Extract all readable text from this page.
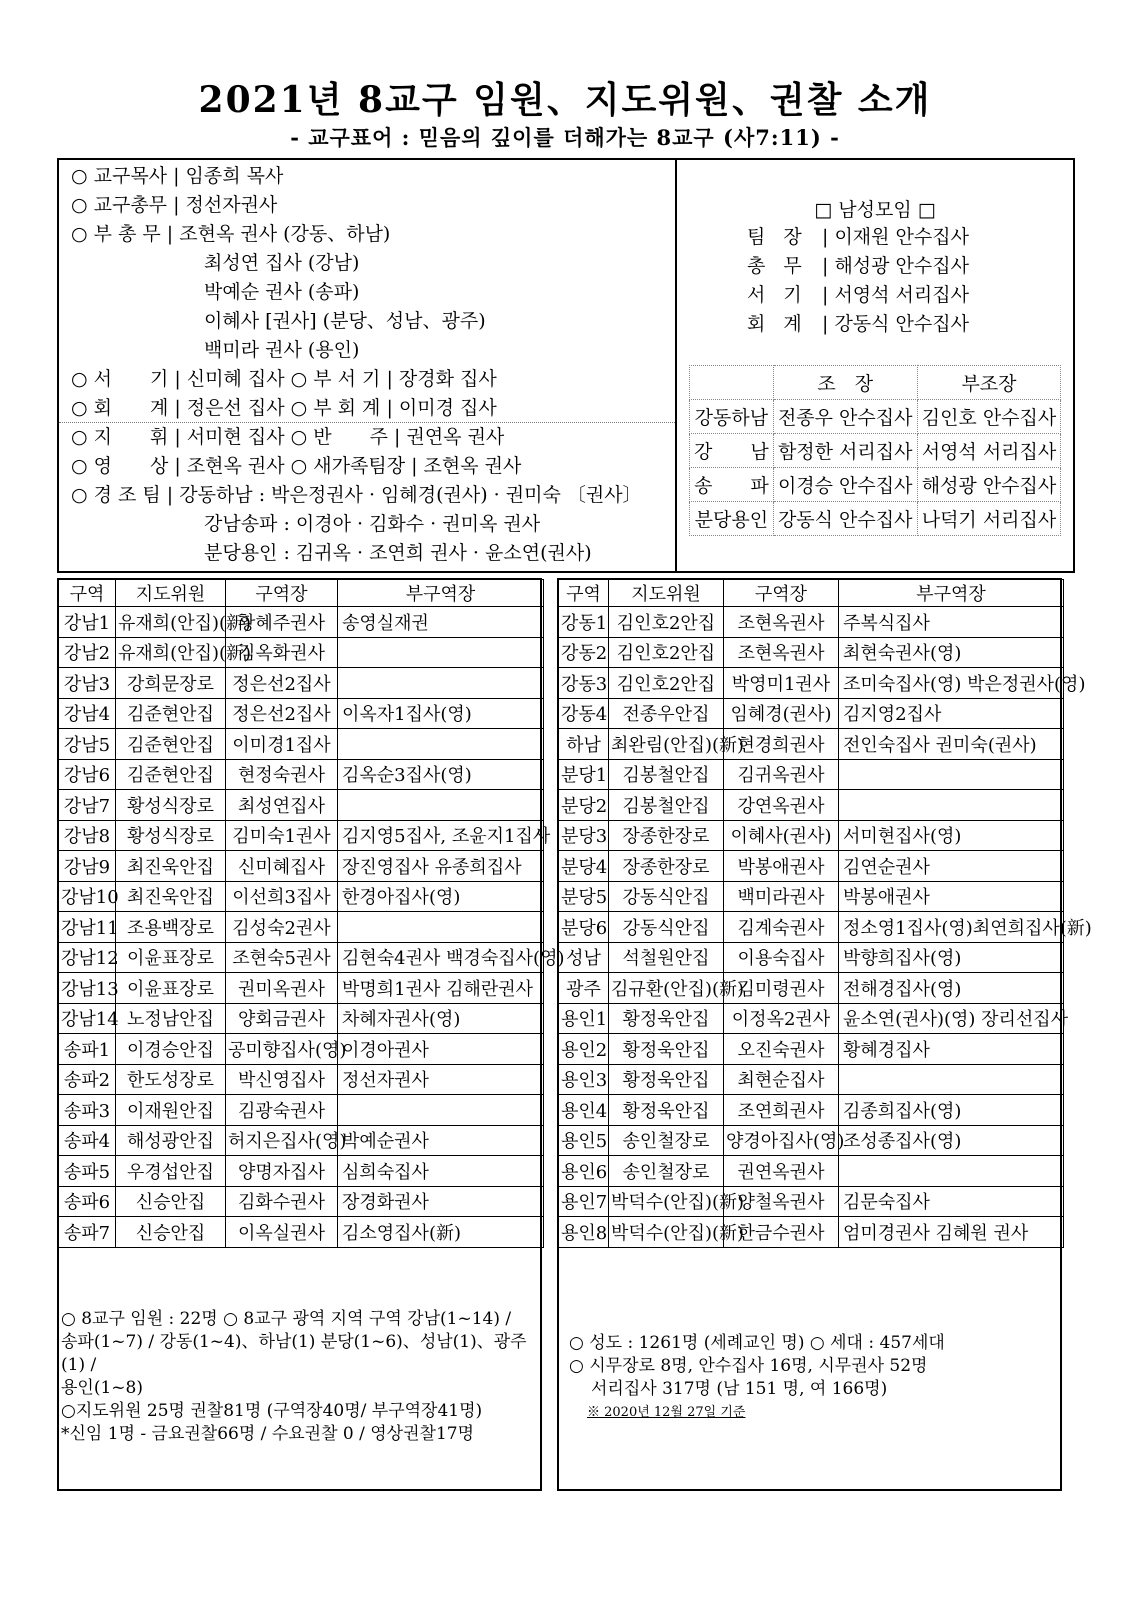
2021년 8교구 임원、지도위원、권찰 소개
- 교구표어 : 믿음의 깊이를 더해가는 8교구 (사7:11) -
○ 교구목사 | 임종희 목사
○ 교구총무 | 정선자권사
○ 부 총 무 | 조현옥 권사 (강동、하남)
최성연 집사 (강남)
박예순 권사 (송파)
이혜사 [권사] (분당、성남、광주)
백미라 권사 (용인)
○ 서　　기 | 신미혜 집사 ○ 부 서 기 | 장경화 집사
○ 회　　계 | 정은선 집사 ○ 부 회 계 | 이미경 집사
○ 지　　휘 | 서미현 집사 ○ 반　　주 | 권연옥 권사
○ 영　　상 | 조현옥 권사 ○ 새가족팀장 | 조현옥 권사
○ 경 조 팀 | 강동하남 : 박은정권사 · 임혜경(권사) · 권미숙 〔권사〕
강남송파 : 이경아 · 김화수 · 권미옥 권사
분당용인 : 김귀옥 · 조연희 권사 · 윤소연(권사)
□ 남성모임 □
팀장 | 이재원 안수집사
총무 | 해성광 안수집사
서기 | 서영석 서리집사
회계 | 강동식 안수집사
	조　장	부조장
강동하남	전종우 안수집사	김인호 안수집사
강　　남	함정한 서리집사	서영석 서리집사
송　　파	이경승 안수집사	해성광 안수집사
분당용인	강동식 안수집사	나덕기 서리집사
구역	지도위원	구역장	부구역장
강남1	유재희(안집)(新)	황혜주권사	송영실재권
강남2	유재희(안집)(新)	김옥화권사	
강남3	강희문장로	정은선2집사	
강남4	김준현안집	정은선2집사	이옥자1집사(영)
강남5	김준현안집	이미경1집사	
강남6	김준현안집	현정숙권사	김옥순3집사(영)
강남7	황성식장로	최성연집사	
강남8	황성식장로	김미숙1권사	김지영5집사, 조윤지1집사
강남9	최진욱안집	신미혜집사	장진영집사 유종희집사
강남10	최진욱안집	이선희3집사	한경아집사(영)
강남11	조용백장로	김성숙2권사	
강남12	이윤표장로	조현숙5권사	김현숙4권사 백경숙집사(영)
강남13	이윤표장로	권미옥권사	박명희1권사 김해란권사
강남14	노정남안집	양회금권사	차혜자권사(영)
송파1	이경승안집	공미향집사(영)	이경아권사
송파2	한도성장로	박신영집사	정선자권사
송파3	이재원안집	김광숙권사	
송파4	해성광안집	허지은집사(영)	박예순권사
송파5	우경섭안집	양명자집사	심희숙집사
송파6	신승안집	김화수권사	장경화권사
송파7	신승안집	이옥실권사	김소영집사(新)
○ 8교구 임원 : 22명 ○ 8교구 광역 지역 구역 강남(1~14) /
송파(1~7) / 강동(1~4)、하남(1) 분당(1~6)、성남(1)、광주(1) /
용인(1~8)
○지도위원 25명 권찰81명 (구역장40명/ 부구역장41명)
*신임 1명 - 금요권찰66명 / 수요권찰 0 / 영상권찰17명
구역	지도위원	구역장	부구역장
강동1	김인호2안집	조현옥권사	주복식집사
강동2	김인호2안집	조현옥권사	최현숙권사(영)
강동3	김인호2안집	박영미1권사	조미숙집사(영) 박은정권사(영)
강동4	전종우안집	임혜경(권사)	김지영2집사
하남	최완림(안집)(新)	현경희권사	전인숙집사 권미숙(권사)
분당1	김봉철안집	김귀옥권사	
분당2	김봉철안집	강연옥권사	
분당3	장종한장로	이혜사(권사)	서미현집사(영)
분당4	장종한장로	박봉애권사	김연순권사
분당5	강동식안집	백미라권사	박봉애권사
분당6	강동식안집	김계숙권사	정소영1집사(영)최연희집사(新)
성남	석철원안집	이용숙집사	박향희집사(영)
광주	김규환(안집)(新)	김미령권사	전해경집사(영)
용인1	황정욱안집	이정옥2권사	윤소연(권사)(영) 장리선집사
용인2	황정욱안집	오진숙권사	황혜경집사
용인3	황정욱안집	최현순집사	
용인4	황정욱안집	조연희권사	김종희집사(영)
용인5	송인철장로	양경아집사(영)	조성종집사(영)
용인6	송인철장로	권연옥권사	
용인7	박덕수(안집)(新)	양철옥권사	김문숙집사
용인8	박덕수(안집)(新)	한금수권사	엄미경권사 김혜원 권사
○ 성도 : 1261명 (세례교인 명) ○ 세대 : 457세대
○ 시무장로 8명, 안수집사 16명, 시무권사 52명
서리집사 317명 (남 151 명, 여 166명)
※ 2020년 12월 27일 기준
